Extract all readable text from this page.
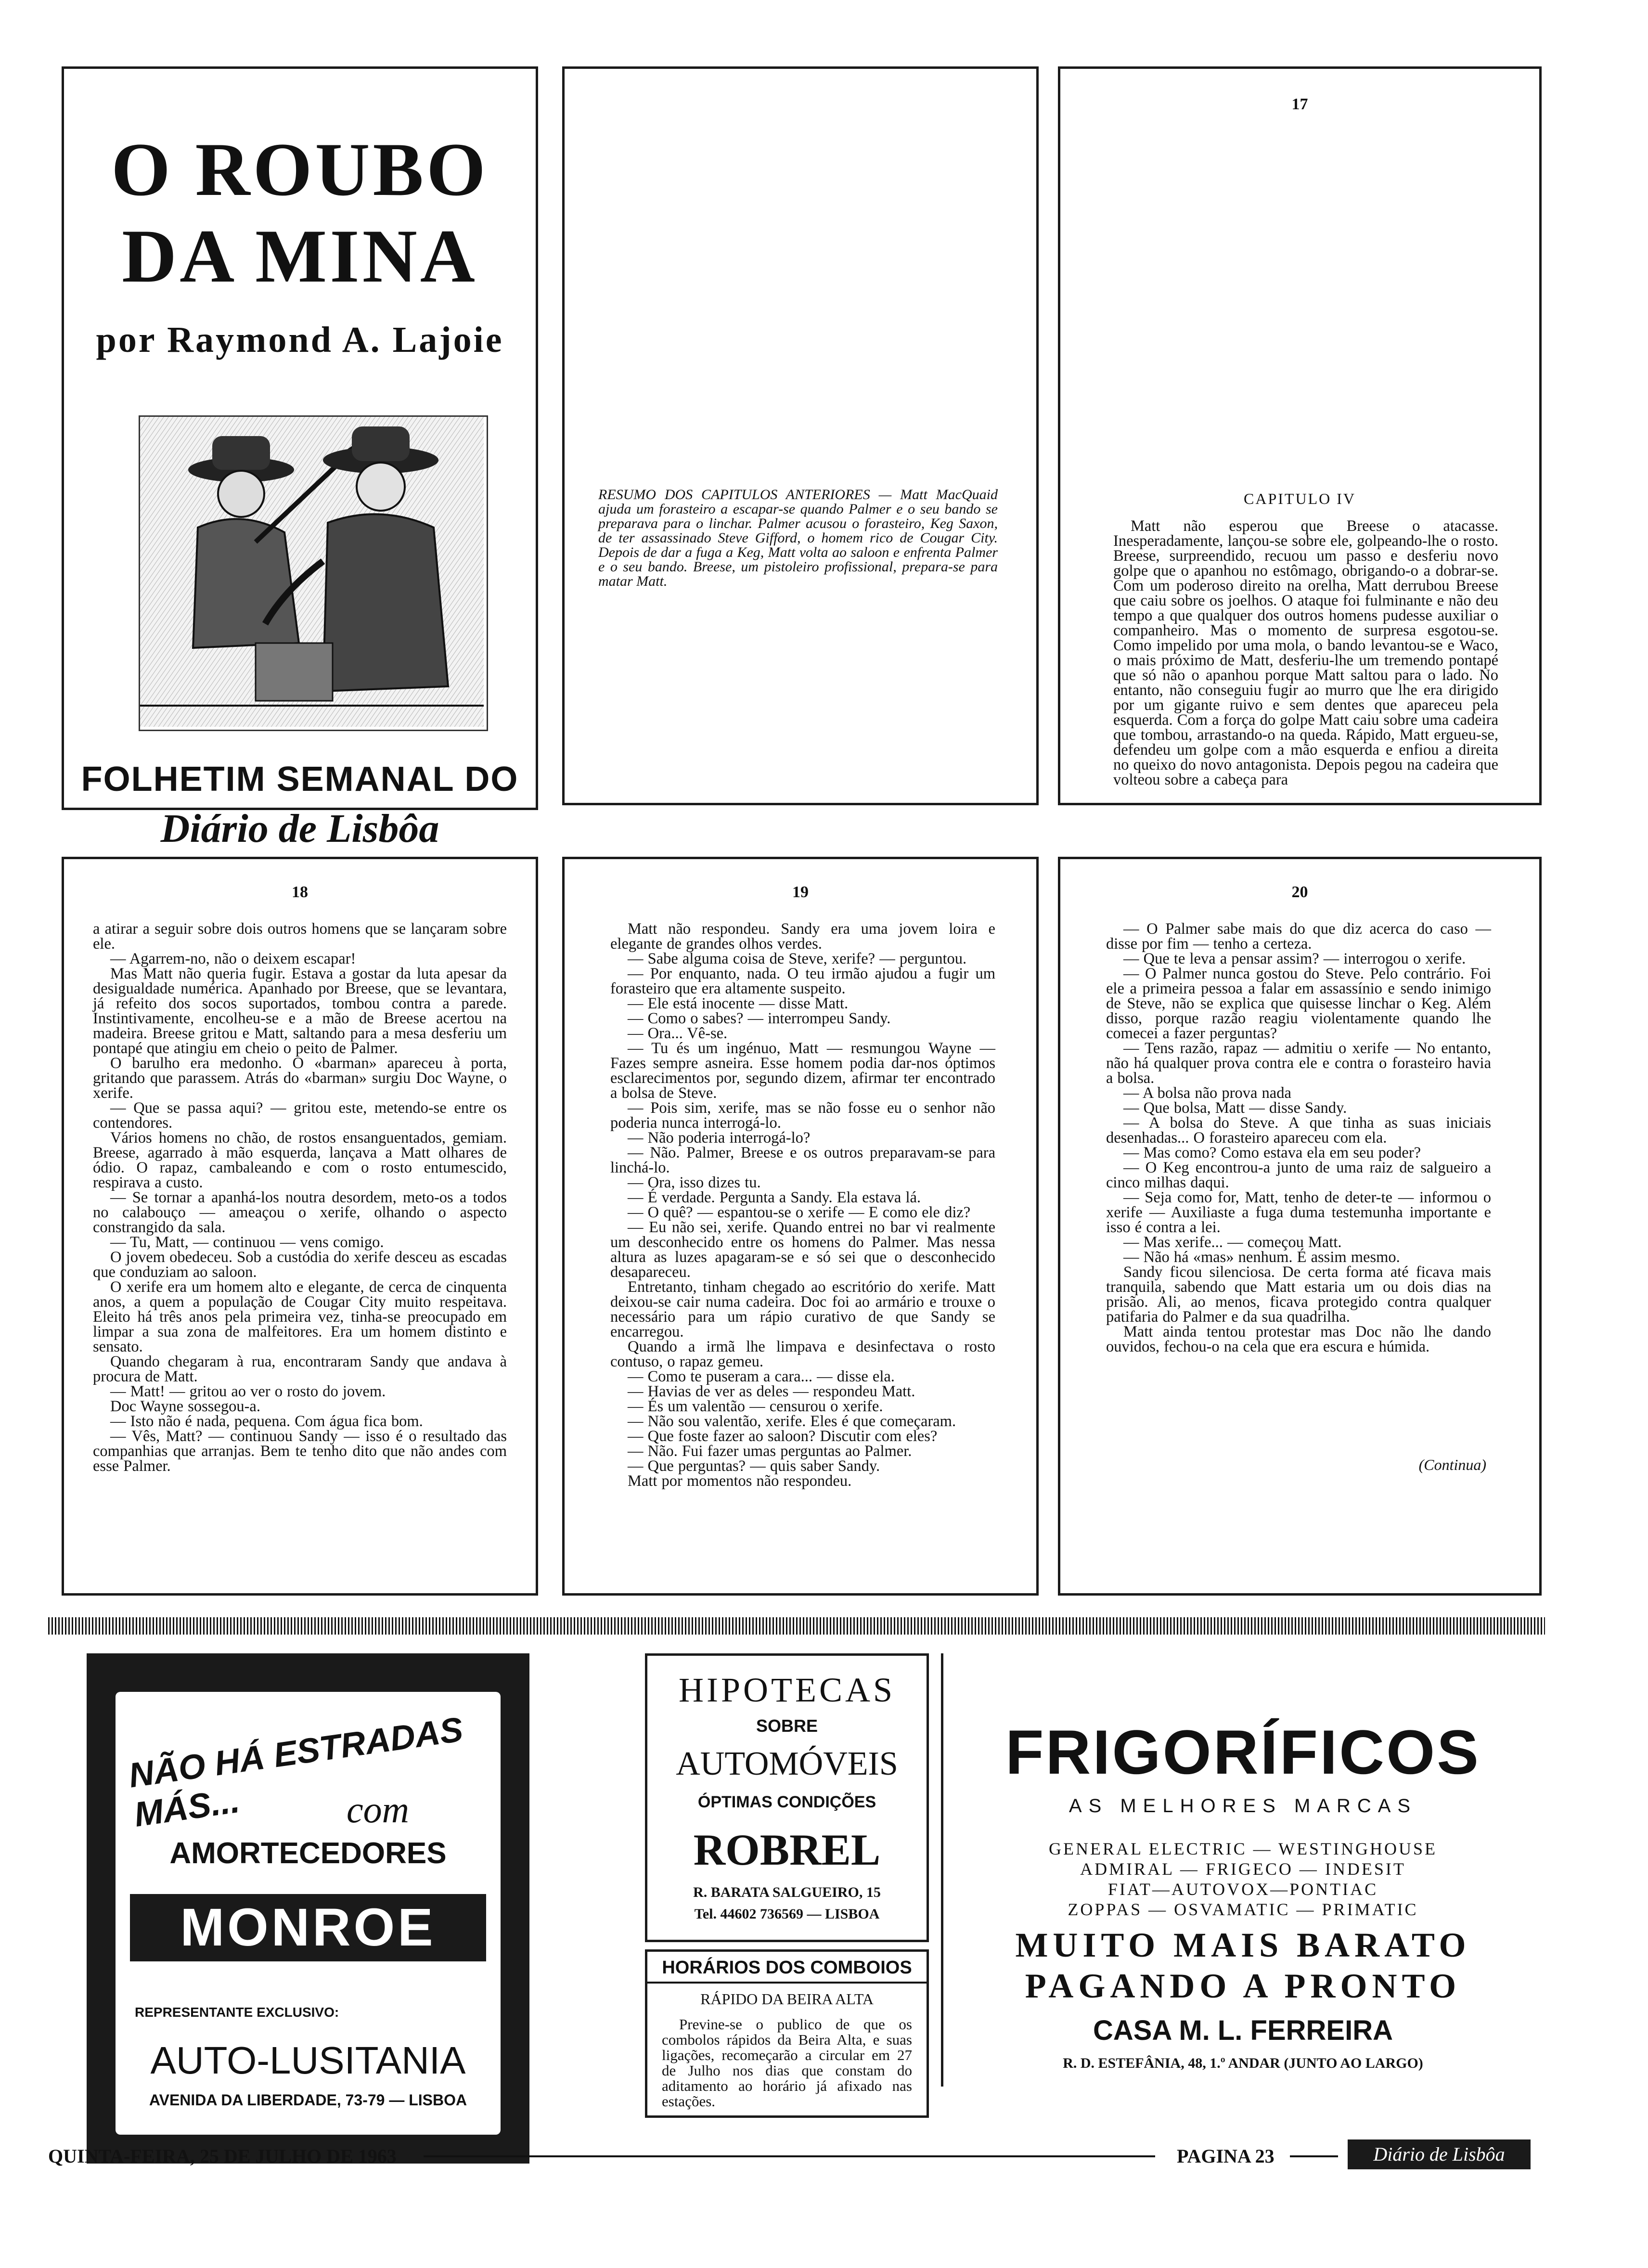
O ROUBO
DA MINA
por Raymond A. Lajoie
FOLHETIM SEMANAL DO
Diário de Lisbôa
RESUMO DOS CAPITULOS ANTERIORES — Matt MacQuaid ajuda um forasteiro a escapar-se quando Palmer e o seu bando se preparava para o linchar. Palmer acusou o forasteiro, Keg Saxon, de ter assassinado Steve Gifford, o homem rico de Cougar City. Depois de dar a fuga a Keg, Matt volta ao saloon e enfrenta Palmer e o seu bando. Breese, um pistoleiro profissional, prepara-se para matar Matt.
17
CAPITULO IV

Matt não esperou que Breese o atacasse. Inesperadamente, lançou-se sobre ele, golpeando-lhe o rosto. Breese, surpreendido, recuou um passo e desferiu novo golpe que o apanhou no estômago, obrigando-o a dobrar-se. Com um poderoso direito na orelha, Matt derrubou Breese que caiu sobre os joelhos. O ataque foi fulminante e não deu tempo a que qualquer dos outros homens pudesse auxiliar o companheiro. Mas o momento de surpresa esgotou-se. Como impelido por uma mola, o bando levantou-se e Waco, o mais próximo de Matt, desferiu-lhe um tremendo pontapé que só não o apanhou porque Matt saltou para o lado. No entanto, não conseguiu fugir ao murro que lhe era dirigido por um gigante ruivo e sem dentes que apareceu pela esquerda. Com a força do golpe Matt caiu sobre uma cadeira que tombou, arrastando-o na queda. Rápido, Matt ergueu-se, defendeu um golpe com a mão esquerda e enfiou a direita no queixo do novo antagonista. Depois pegou na cadeira que volteou sobre a cabeça para

18

a atirar a seguir sobre dois outros homens que se lançaram sobre ele.

— Agarrem-no, não o deixem escapar!

Mas Matt não queria fugir. Estava a gostar da luta apesar da desigualdade numérica. Apanhado por Breese, que se levantara, já refeito dos socos suportados, tombou contra a parede. Instintivamente, encolheu-se e a mão de Breese acertou na madeira. Breese gritou e Matt, saltando para a mesa desferiu um pontapé que atingiu em cheio o peito de Palmer.

O barulho era medonho. O «barman» apareceu à porta, gritando que parassem. Atrás do «barman» surgiu Doc Wayne, o xerife.

— Que se passa aqui? — gritou este, metendo-se entre os contendores.

Vários homens no chão, de rostos ensanguentados, gemiam. Breese, agarrado à mão esquerda, lançava a Matt olhares de ódio. O rapaz, cambaleando e com o rosto entumescido, respirava a custo.

— Se tornar a apanhá-los noutra desordem, meto-os a todos no calabouço — ameaçou o xerife, olhando o aspecto constrangido da sala.

— Tu, Matt, — continuou — vens comigo.

O jovem obedeceu. Sob a custódia do xerife desceu as escadas que conduziam ao saloon.

O xerife era um homem alto e elegante, de cerca de cinquenta anos, a quem a população de Cougar City muito respeitava. Eleito há três anos pela primeira vez, tinha-se preocupado em limpar a sua zona de malfeitores. Era um homem distinto e sensato.

Quando chegaram à rua, encontraram Sandy que andava à procura de Matt.

— Matt! — gritou ao ver o rosto do jovem.

Doc Wayne sossegou-a.

— Isto não é nada, pequena. Com água fica bom.

— Vês, Matt? — continuou Sandy — isso é o resultado das companhias que arranjas. Bem te tenho dito que não andes com esse Palmer.

19

Matt não respondeu. Sandy era uma jovem loira e elegante de grandes olhos verdes.

— Sabe alguma coisa de Steve, xerife? — perguntou.

— Por enquanto, nada. O teu irmão ajudou a fugir um forasteiro que era altamente suspeito.

— Ele está inocente — disse Matt.

— Como o sabes? — interrompeu Sandy.

— Ora... Vê-se.

— Tu és um ingénuo, Matt — resmungou Wayne — Fazes sempre asneira. Esse homem podia dar-nos óptimos esclarecimentos por, segundo dizem, afirmar ter encontrado a bolsa de Steve.

— Pois sim, xerife, mas se não fosse eu o senhor não poderia nunca interrogá-lo.

— Não poderia interrogá-lo?

— Não. Palmer, Breese e os outros preparavam-se para linchá-lo.

— Ora, isso dizes tu.

— É verdade. Pergunta a Sandy. Ela estava lá.

— O quê? — espantou-se o xerife — E como ele diz?

— Eu não sei, xerife. Quando entrei no bar vi realmente um desconhecido entre os homens do Palmer. Mas nessa altura as luzes apagaram-se e só sei que o desconhecido desapareceu.

Entretanto, tinham chegado ao escritório do xerife. Matt deixou-se cair numa cadeira. Doc foi ao armário e trouxe o necessário para um rápio curativo de que Sandy se encarregou.

Quando a irmã lhe limpava e desinfectava o rosto contuso, o rapaz gemeu.

— Como te puseram a cara... — disse ela.

— Havias de ver as deles — respondeu Matt.

— És um valentão — censurou o xerife.

— Não sou valentão, xerife. Eles é que começaram.

— Que foste fazer ao saloon? Discutir com eles?

— Não. Fui fazer umas perguntas ao Palmer.

— Que perguntas? — quis saber Sandy.

Matt por momentos não respondeu.

20

— O Palmer sabe mais do que diz acerca do caso — disse por fim — tenho a certeza.

— Que te leva a pensar assim? — interrogou o xerife.

— O Palmer nunca gostou do Steve. Pelo contrário. Foi ele a primeira pessoa a falar em assassínio e sendo inimigo de Steve, não se explica que quisesse linchar o Keg. Além disso, porque razão reagiu violentamente quando lhe comecei a fazer perguntas?

— Tens razão, rapaz — admitiu o xerife — No entanto, não há qualquer prova contra ele e contra o forasteiro havia a bolsa.

— A bolsa não prova nada

— Que bolsa, Matt — disse Sandy.

— A bolsa do Steve. A que tinha as suas iniciais desenhadas... O forasteiro apareceu com ela.

— Mas como? Como estava ela em seu poder?

— O Keg encontrou-a junto de uma raiz de salgueiro a cinco milhas daqui.

— Seja como for, Matt, tenho de deter-te — informou o xerife — Auxiliaste a fuga duma testemunha importante e isso é contra a lei.

— Mas xerife... — começou Matt.

— Não há «mas» nenhum. É assim mesmo.

Sandy ficou silenciosa. De certa forma até ficava mais tranquila, sabendo que Matt estaria um ou dois dias na prisão. Ali, ao menos, ficava protegido contra qualquer patifaria do Palmer e da sua quadrilha.

Matt ainda tentou protestar mas Doc não lhe dando ouvidos, fechou-o na cela que era escura e húmida.

(Continua)
NÃO HÁ ESTRADAS MÁS...	com
AMORTECEDORES
MONROE
REPRESENTANTE EXCLUSIVO:
AUTO-LUSITANIA
AVENIDA DA LIBERDADE, 73-79 — LISBOA
HIPOTECAS
SOBRE
AUTOMÓVEIS
ÓPTIMAS CONDIÇÕES
ROBREL
R. BARATA SALGUEIRO, 15
Tel. 44602 736569 — LISBOA
HORÁRIOS DOS COMBOIOS
RÁPIDO DA BEIRA ALTA
Previne-se o publico de que os combolos rápidos da Beira Alta, e suas ligações, recomeçarão a circular em 27 de Julho nos dias que constam do aditamento ao horário já afixado nas estações.
FRIGORÍFICOS
AS MELHORES MARCAS
GENERAL ELECTRIC — WESTINGHOUSE
ADMIRAL — FRIGECO — INDESIT
FIAT—AUTOVOX—PONTIAC
ZOPPAS — OSVAMATIC — PRIMATIC
MUITO MAIS BARATO
PAGANDO A PRONTO
CASA M. L. FERREIRA
R. D. ESTEFÂNIA, 48, 1.º ANDAR (JUNTO AO LARGO)
QUINTA-FEIRA, 25 DE JULHO DE 1963	PAGINA 23	Diário de Lisbôa
